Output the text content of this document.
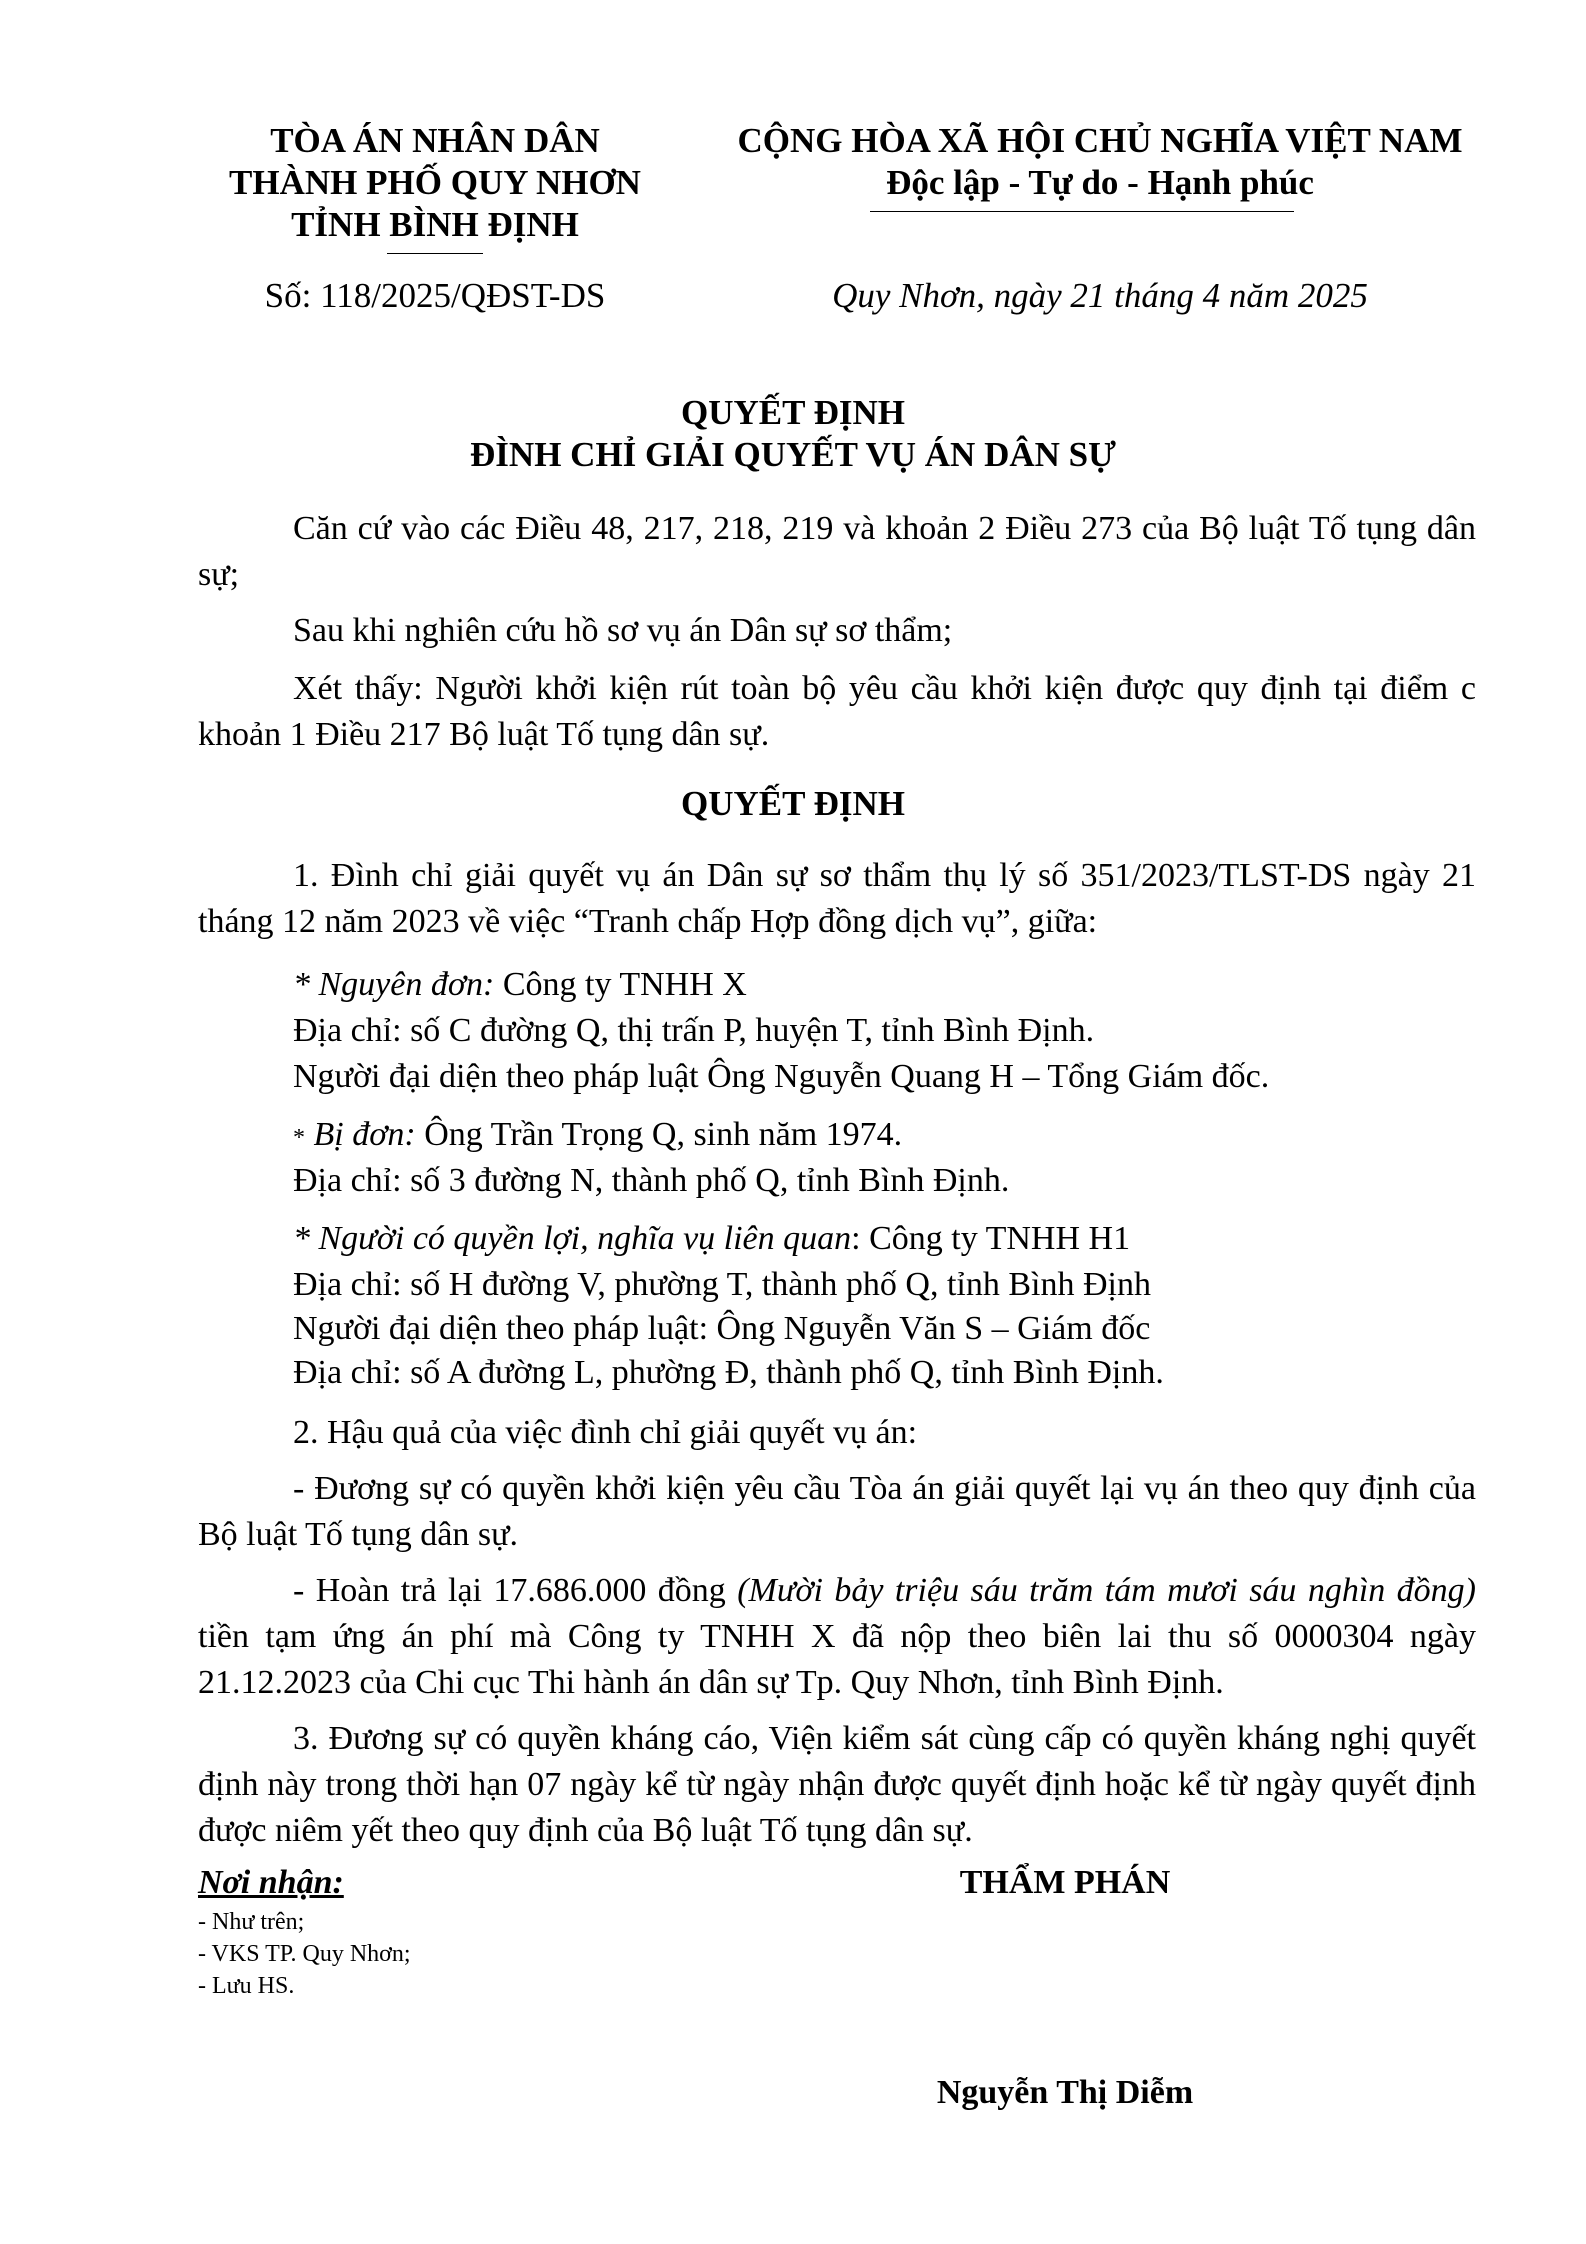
TÒA ÁN NHÂN DÂN
THÀNH PHỐ QUY NHƠN
TỈNH BÌNH ĐỊNH
CỘNG HÒA XÃ HỘI CHỦ NGHĨA VIỆT NAM
Độc lập - Tự do - Hạnh phúc
Số: 118/2025/QĐST-DS	Quy Nhơn, ngày 21 tháng 4 năm 2025
QUYẾT ĐỊNH
ĐÌNH CHỈ GIẢI QUYẾT VỤ ÁN DÂN SỰ
Căn cứ vào các Điều 48, 217, 218, 219 và khoản 2 Điều 273 của Bộ luật Tố tụng dân sự;
Sau khi nghiên cứu hồ sơ vụ án Dân sự sơ thẩm;
Xét thấy: Người khởi kiện rút toàn bộ yêu cầu khởi kiện được quy định tại điểm c khoản 1 Điều 217 Bộ luật Tố tụng dân sự.
QUYẾT ĐỊNH
1. Đình chỉ giải quyết vụ án Dân sự sơ thẩm thụ lý số 351/2023/TLST-DS ngày 21 tháng 12 năm 2023 về việc “Tranh chấp Hợp đồng dịch vụ”, giữa:
* Nguyên đơn: Công ty TNHH X
Địa chỉ: số C đường Q, thị trấn P, huyện T, tỉnh Bình Định.
Người đại diện theo pháp luật Ông Nguyễn Quang H – Tổng Giám đốc.
* Bị đơn: Ông Trần Trọng Q, sinh năm 1974.
Địa chỉ: số 3 đường N, thành phố Q, tỉnh Bình Định.
* Người có quyền lợi, nghĩa vụ liên quan: Công ty TNHH H1
Địa chỉ: số H đường V, phường T, thành phố Q, tỉnh Bình Định
Người đại diện theo pháp luật: Ông Nguyễn Văn S – Giám đốc
Địa chỉ: số A đường L, phường Đ, thành phố Q, tỉnh Bình Định.
2. Hậu quả của việc đình chỉ giải quyết vụ án:
- Đương sự có quyền khởi kiện yêu cầu Tòa án giải quyết lại vụ án theo quy định của Bộ luật Tố tụng dân sự.
- Hoàn trả lại 17.686.000 đồng (Mười bảy triệu sáu trăm tám mươi sáu nghìn đồng) tiền tạm ứng án phí mà Công ty TNHH X đã nộp theo biên lai thu số 0000304 ngày 21.12.2023 của Chi cục Thi hành án dân sự Tp. Quy Nhơn, tỉnh Bình Định.
3. Đương sự có quyền kháng cáo, Viện kiểm sát cùng cấp có quyền kháng nghị quyết định này trong thời hạn 07 ngày kể từ ngày nhận được quyết định hoặc kể từ ngày quyết định được niêm yết theo quy định của Bộ luật Tố tụng dân sự.
Nơi nhận:
- Như trên;
- VKS TP. Quy Nhơn;
- Lưu HS.
THẨM PHÁN
Nguyễn Thị Diễm
